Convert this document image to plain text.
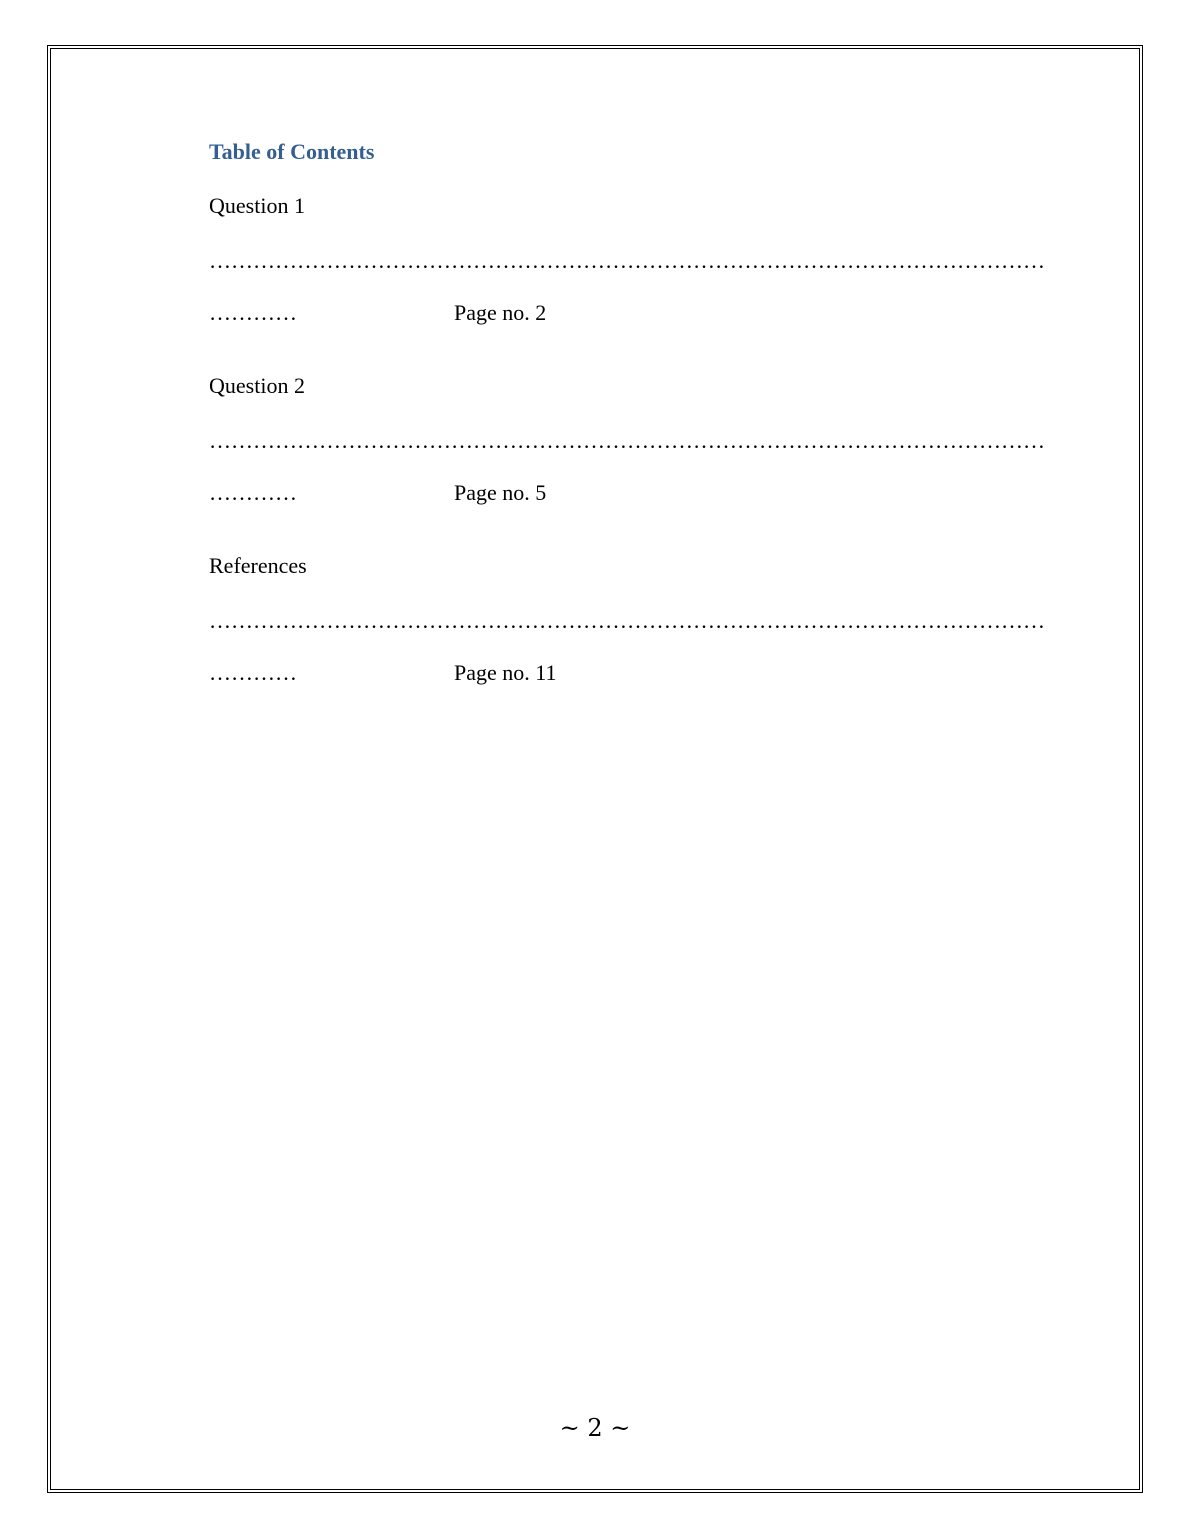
Table of Contents
Question 1
……………………………………………………………………………………………………
…………	Page no. 2
Question 2
……………………………………………………………………………………………………
…………	Page no. 5
References
……………………………………………………………………………………………………
…………	Page no. 11
~ 2 ~
